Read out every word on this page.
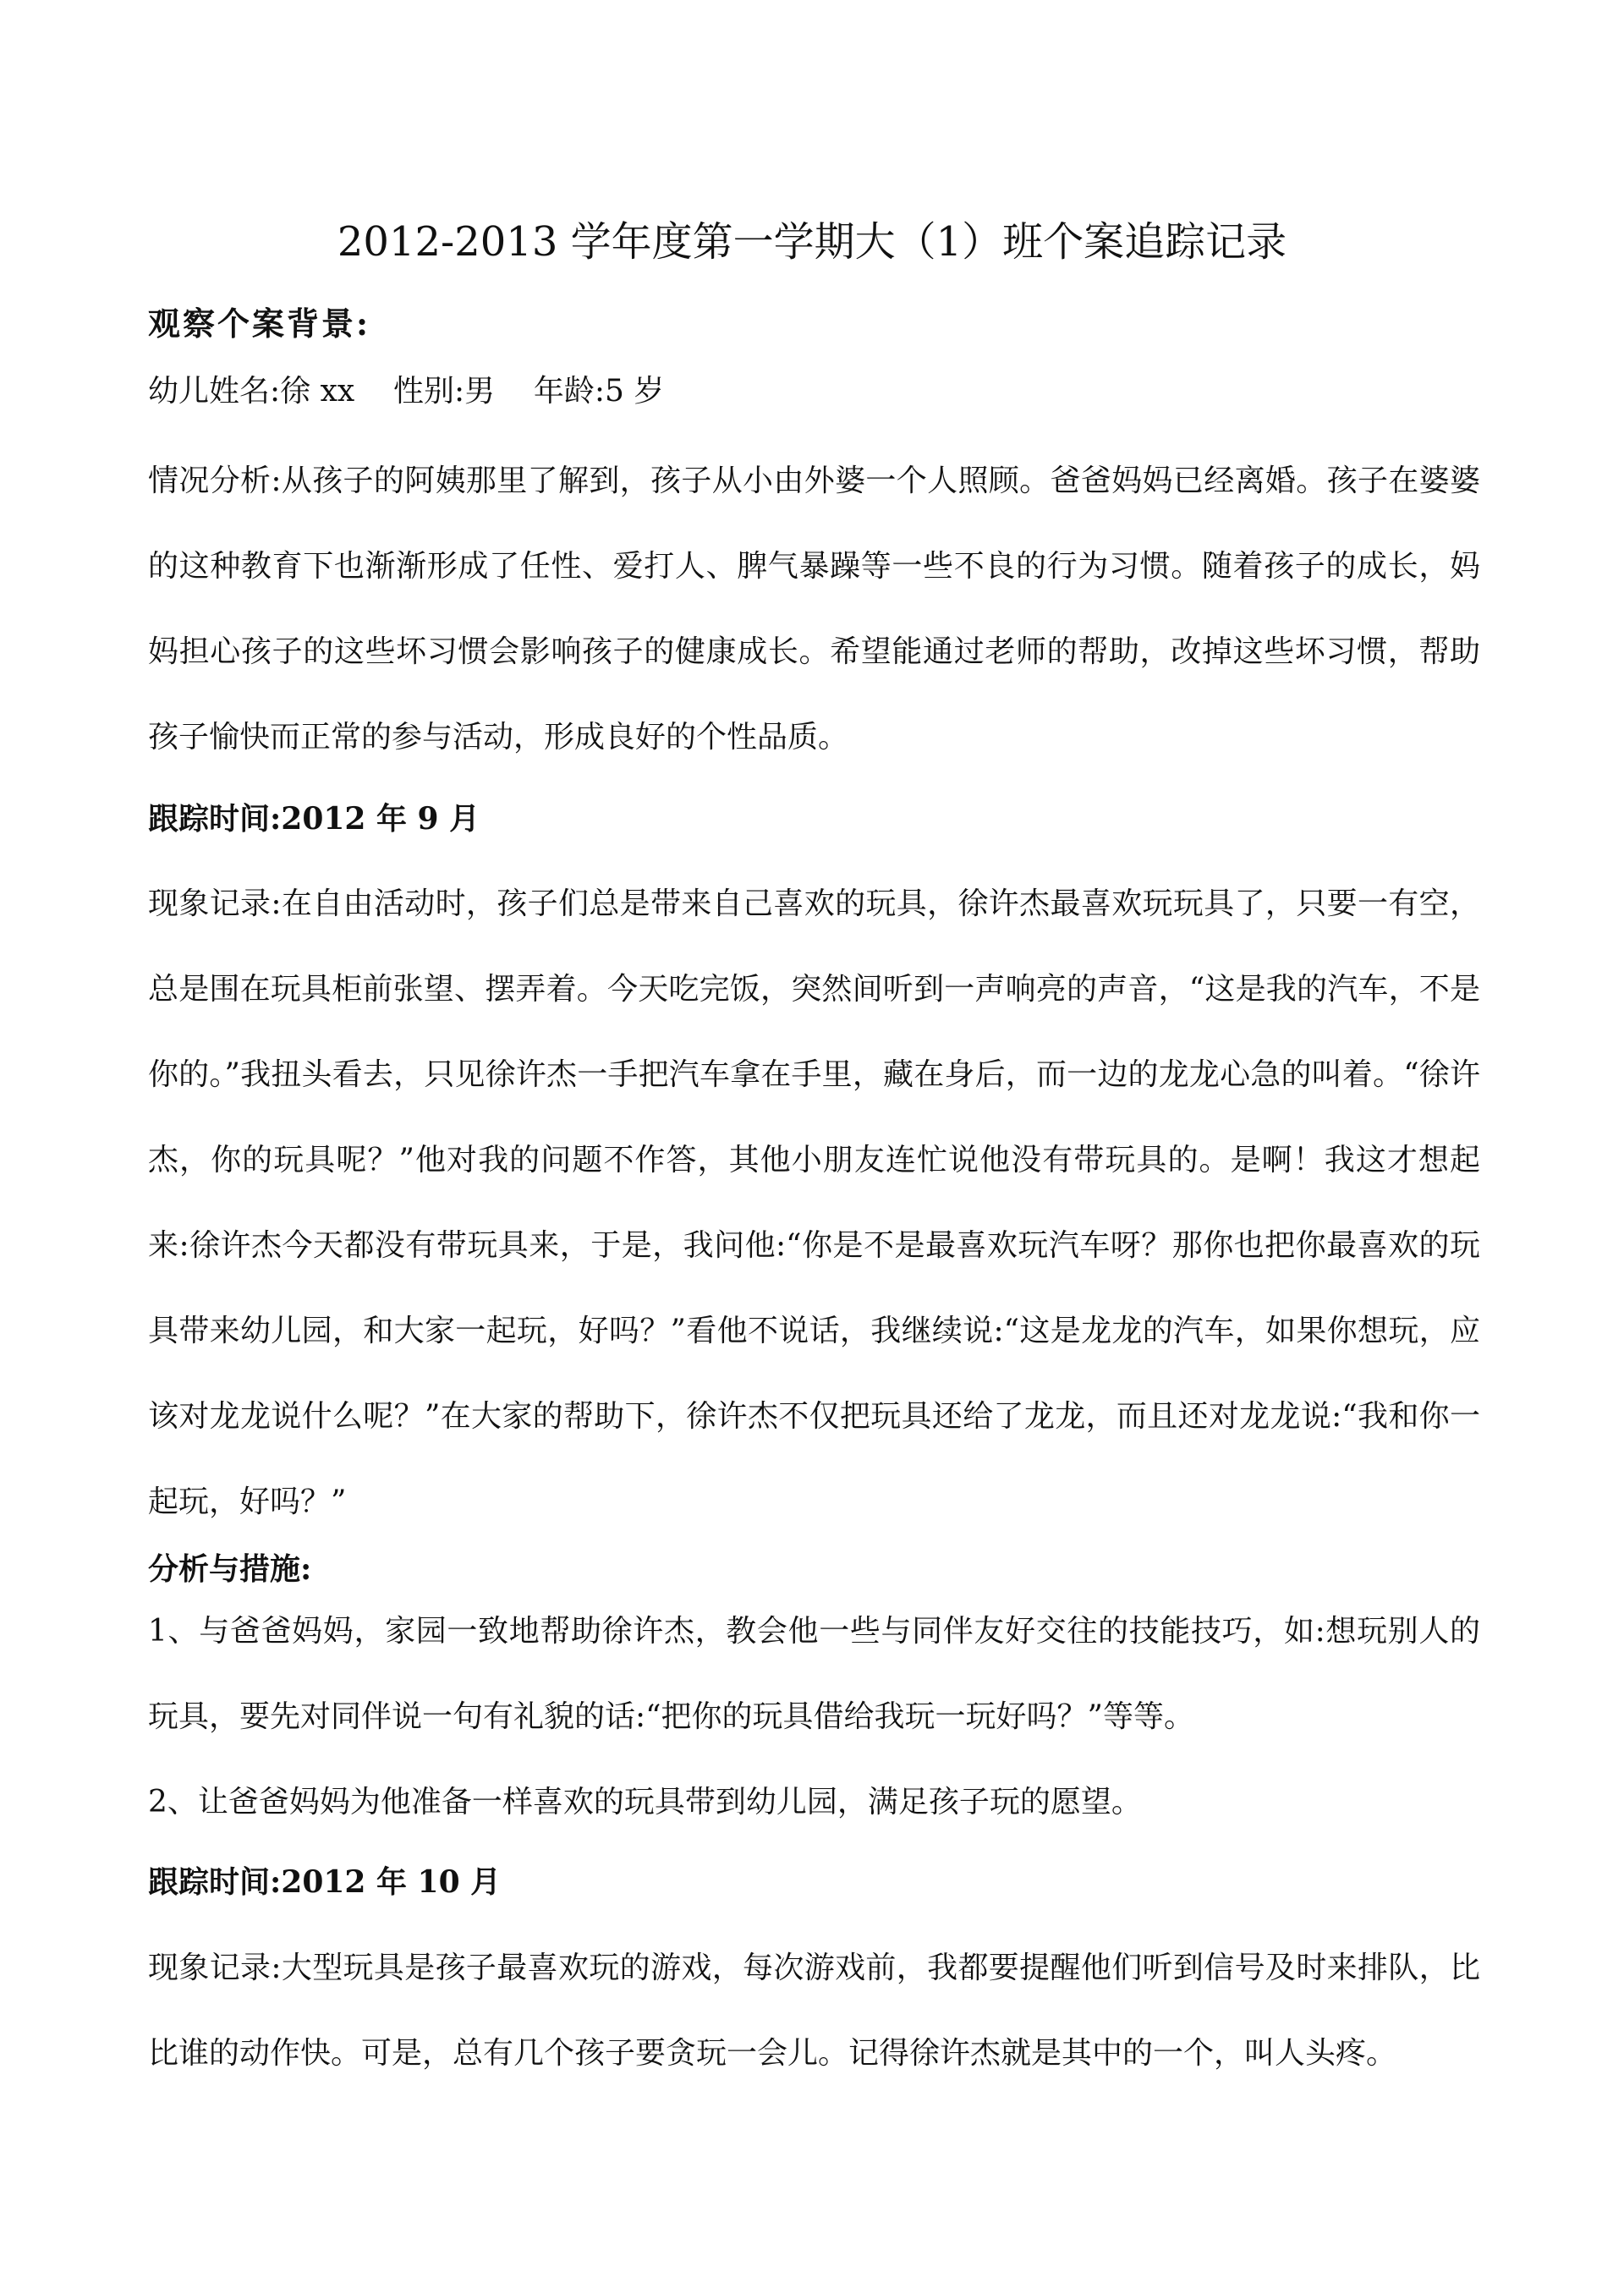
2012-2013 学年度第一学期大（1）班个案追踪记录
观察个案背景:

幼儿姓名:徐 xx    性别:男    年龄:5 岁

情况分析:从孩子的阿姨那里了解到，孩子从小由外婆一个人照顾。爸爸妈妈已经离婚。孩子在婆婆的这种教育下也渐渐形成了任性、爱打人、脾气暴躁等一些不良的行为习惯。随着孩子的成长，妈妈担心孩子的这些坏习惯会影响孩子的健康成长。希望能通过老师的帮助，改掉这些坏习惯，帮助孩子愉快而正常的参与活动，形成良好的个性品质。

跟踪时间:2012 年 9 月

现象记录:在自由活动时，孩子们总是带来自己喜欢的玩具，徐许杰最喜欢玩玩具了，只要一有空，总是围在玩具柜前张望、摆弄着。今天吃完饭，突然间听到一声响亮的声音，“这是我的汽车，不是你的。”我扭头看去，只见徐许杰一手把汽车拿在手里，藏在身后，而一边的龙龙心急的叫着。“徐许杰，你的玩具呢？”他对我的问题不作答，其他小朋友连忙说他没有带玩具的。是啊！我这才想起来:徐许杰今天都没有带玩具来，于是，我问他:“你是不是最喜欢玩汽车呀？那你也把你最喜欢的玩具带来幼儿园，和大家一起玩，好吗？”看他不说话，我继续说:“这是龙龙的汽车，如果你想玩，应该对龙龙说什么呢？”在大家的帮助下，徐许杰不仅把玩具还给了龙龙，而且还对龙龙说:“我和你一起玩，好吗？”

分析与措施:

1、与爸爸妈妈，家园一致地帮助徐许杰，教会他一些与同伴友好交往的技能技巧，如:想玩别人的玩具，要先对同伴说一句有礼貌的话:“把你的玩具借给我玩一玩好吗？”等等。

2、让爸爸妈妈为他准备一样喜欢的玩具带到幼儿园，满足孩子玩的愿望。

跟踪时间:2012 年 10 月

现象记录:大型玩具是孩子最喜欢玩的游戏，每次游戏前，我都要提醒他们听到信号及时来排队，比比谁的动作快。可是，总有几个孩子要贪玩一会儿。记得徐许杰就是其中的一个，叫人头疼。
